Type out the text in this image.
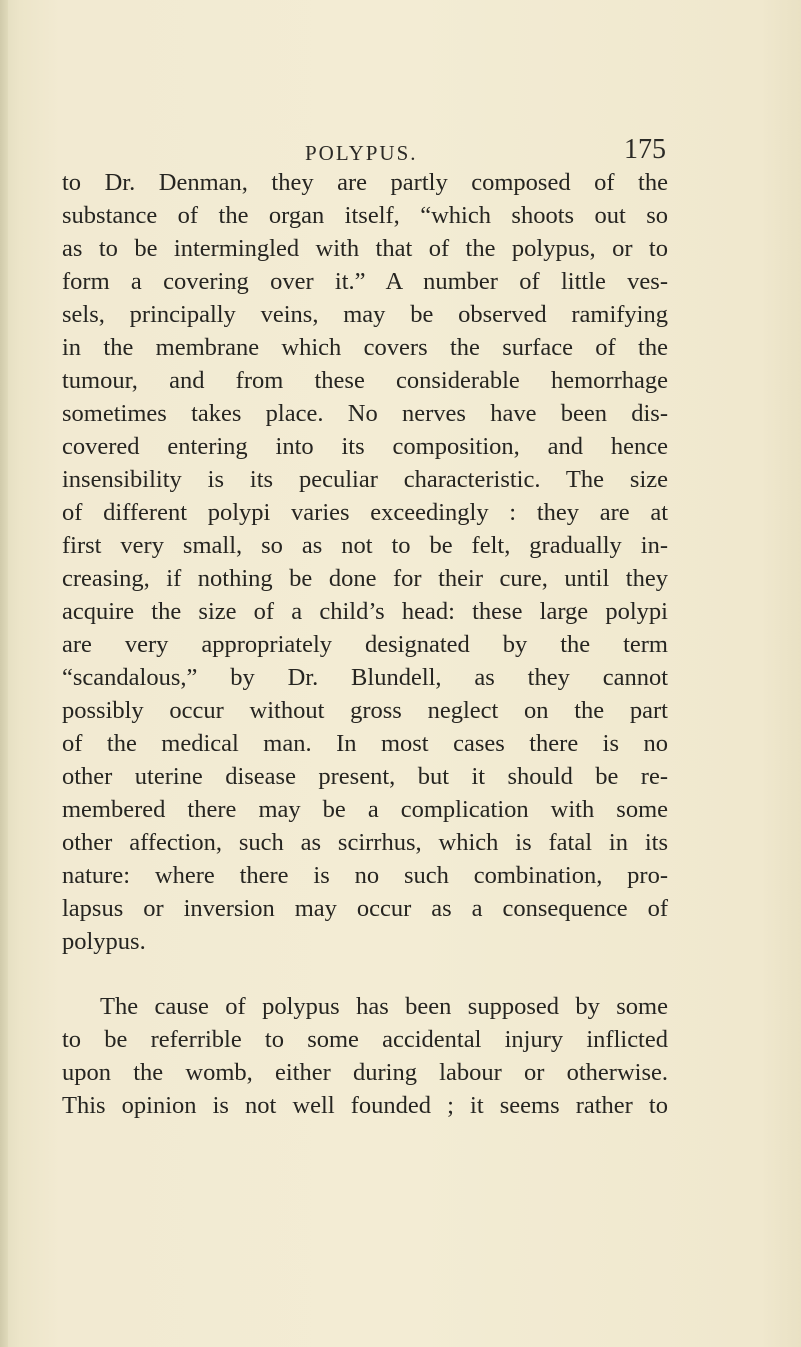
POLYPUS.	175
to Dr. Denman, they are partly composed of the
substance of the organ itself, “which shoots out so
as to be intermingled with that of the polypus, or to
form a covering over it.” A number of little ves-
sels, principally veins, may be observed ramifying
in the membrane which covers the surface of the
tumour, and from these considerable hemorrhage
sometimes takes place. No nerves have been dis-
covered entering into its composition, and hence
insensibility is its peculiar characteristic. The size
of different polypi varies exceedingly : they are at
first very small, so as not to be felt, gradually in-
creasing, if nothing be done for their cure, until they
acquire the size of a child’s head: these large polypi
are very appropriately designated by the term
“scandalous,” by Dr. Blundell, as they cannot
possibly occur without gross neglect on the part
of the medical man. In most cases there is no
other uterine disease present, but it should be re-
membered there may be a complication with some
other affection, such as scirrhus, which is fatal in its
nature: where there is no such combination, pro-
lapsus or inversion may occur as a consequence of
polypus.
The cause of polypus has been supposed by some
to be referrible to some accidental injury inflicted
upon the womb, either during labour or otherwise.
This opinion is not well founded ; it seems rather to
